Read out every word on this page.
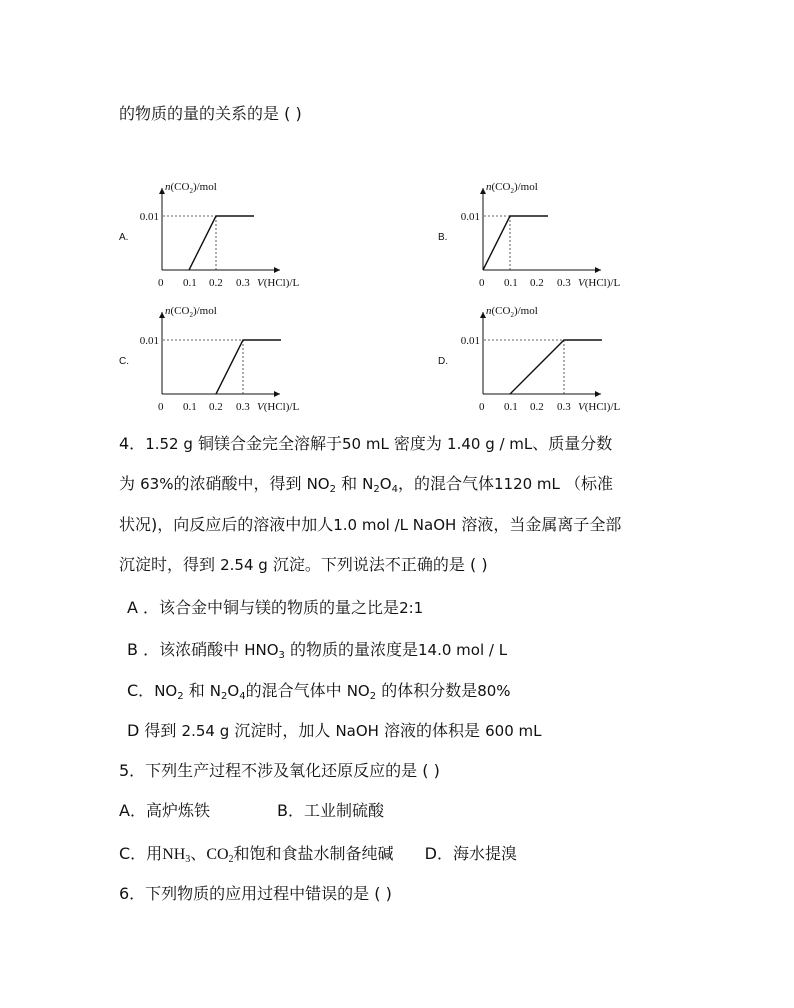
的物质的量的关系的是 ( )
A.	B.
C.	D.
$n(CO_2)$/mol
0.01
0 0.1 0.2 0.3 V(HCl)/L
$n(CO_2)$/mol
0.01
0 0.1 0.2 0.3 V(HCl)/L
$n(CO_2)$/mol
0.01
0 0.1 0.2 0.3 V(HCl)/L
$n(CO_2)$/mol
0.01
0 0.1 0.2 0.3 V(HCl)/L
4．1.52 g 铜镁合金完全溶解于50 mL 密度为 1.40 g / mL、质量分数
为 63%的浓硝酸中，得到 $NO_2$ 和 $N_2O_4$，的混合气体1120 mL （标准
状况)，向反应后的溶液中加人1.0 mol /L NaOH 溶液，当金属离子全部
沉淀时，得到 2.54 g 沉淀。下列说法不正确的是 ( )
A ．该合金中铜与镁的物质的量之比是2:1
B ．该浓硝酸中 $HNO_3$ 的物质的量浓度是14.0 mol / L
C．$NO_2$ 和 $N_2O_4$的混合气体中 $NO_2$ 的体积分数是80%
D 得到 2.54 g 沉淀时，加人 NaOH 溶液的体积是 600 mL
5．下列生产过程不涉及氧化还原反应的是 ( )
A．高炉炼铁	B．工业制硫酸
C．用$NH_3$、$CO_2$和饱和食盐水制备纯碱 D．海水提溴
6．下列物质的应用过程中错误的是 ( )
